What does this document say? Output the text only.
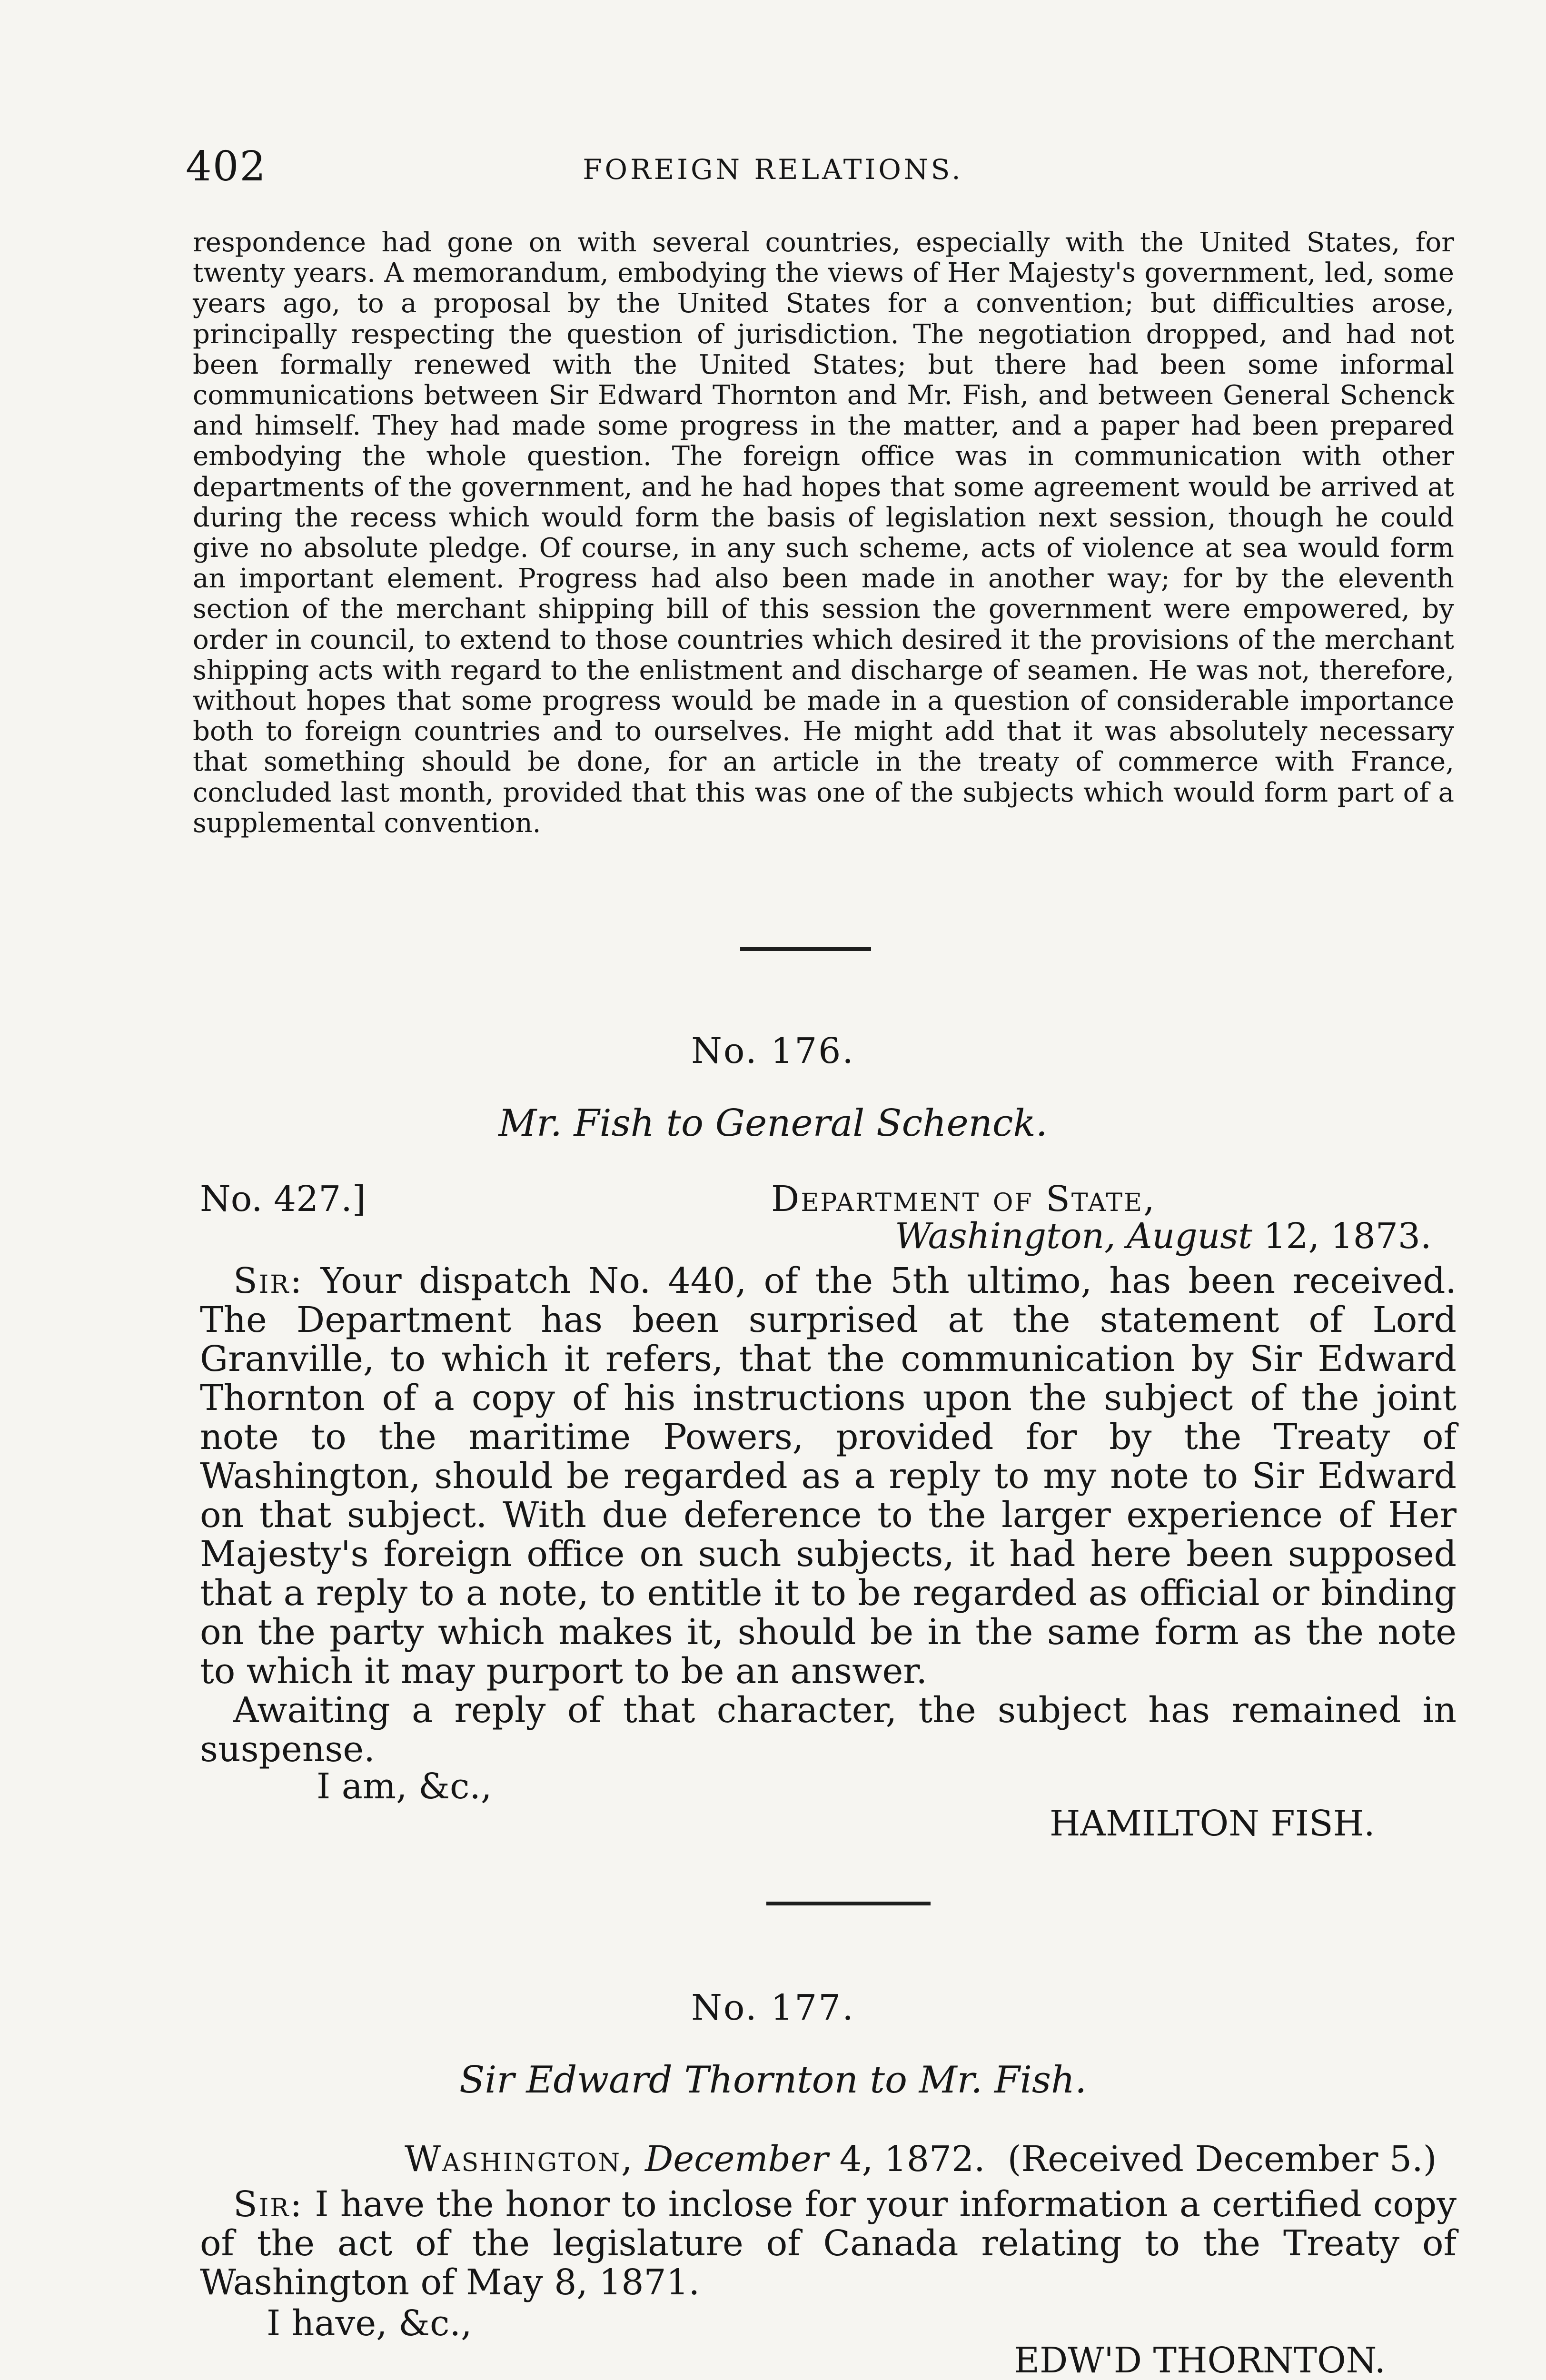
402	FOREIGN RELATIONS.
respondence had gone on with several countries, especially with the United States, for twenty years. A memorandum, embodying the views of Her Majesty's government, led, some years ago, to a proposal by the United States for a convention; but difficulties arose, principally respecting the question of jurisdiction. The negotiation dropped, and had not been formally renewed with the United States; but there had been some informal communications between Sir Edward Thornton and Mr. Fish, and between General Schenck and himself. They had made some progress in the matter, and a paper had been prepared embodying the whole question. The foreign office was in communication with other departments of the government, and he had hopes that some agreement would be arrived at during the recess which would form the basis of legislation next session, though he could give no absolute pledge. Of course, in any such scheme, acts of violence at sea would form an important element. Progress had also been made in another way; for by the eleventh section of the merchant shipping bill of this session the government were empowered, by order in council, to extend to those countries which desired it the provisions of the merchant shipping acts with regard to the enlistment and discharge of seamen. He was not, therefore, without hopes that some progress would be made in a question of considerable importance both to foreign countries and to ourselves. He might add that it was absolutely necessary that something should be done, for an article in the treaty of commerce with France, concluded last month, provided that this was one of the subjects which would form part of a supplemental convention.
No. 176.
Mr. Fish to General Schenck.
No. 427.]	Department of State,
Washington, August 12, 1873.
Sir: Your dispatch No. 440, of the 5th ultimo, has been received. The Department has been surprised at the statement of Lord Granville, to which it refers, that the communication by Sir Edward Thornton of a copy of his instructions upon the subject of the joint note to the maritime Powers, provided for by the Treaty of Washington, should be regarded as a reply to my note to Sir Edward on that subject. With due deference to the larger experience of Her Majesty's foreign office on such subjects, it had here been supposed that a reply to a note, to entitle it to be regarded as official or binding on the party which makes it, should be in the same form as the note to which it may purport to be an answer.
Awaiting a reply of that character, the subject has remained in suspense.
I am, &c.,
HAMILTON FISH.
No. 177.
Sir Edward Thornton to Mr. Fish.
Washington, December 4, 1872. (Received December 5.)
Sir: I have the honor to inclose for your information a certified copy of the act of the legislature of Canada relating to the Treaty of Washington of May 8, 1871.
I have, &c.,
EDW'D THORNTON.
